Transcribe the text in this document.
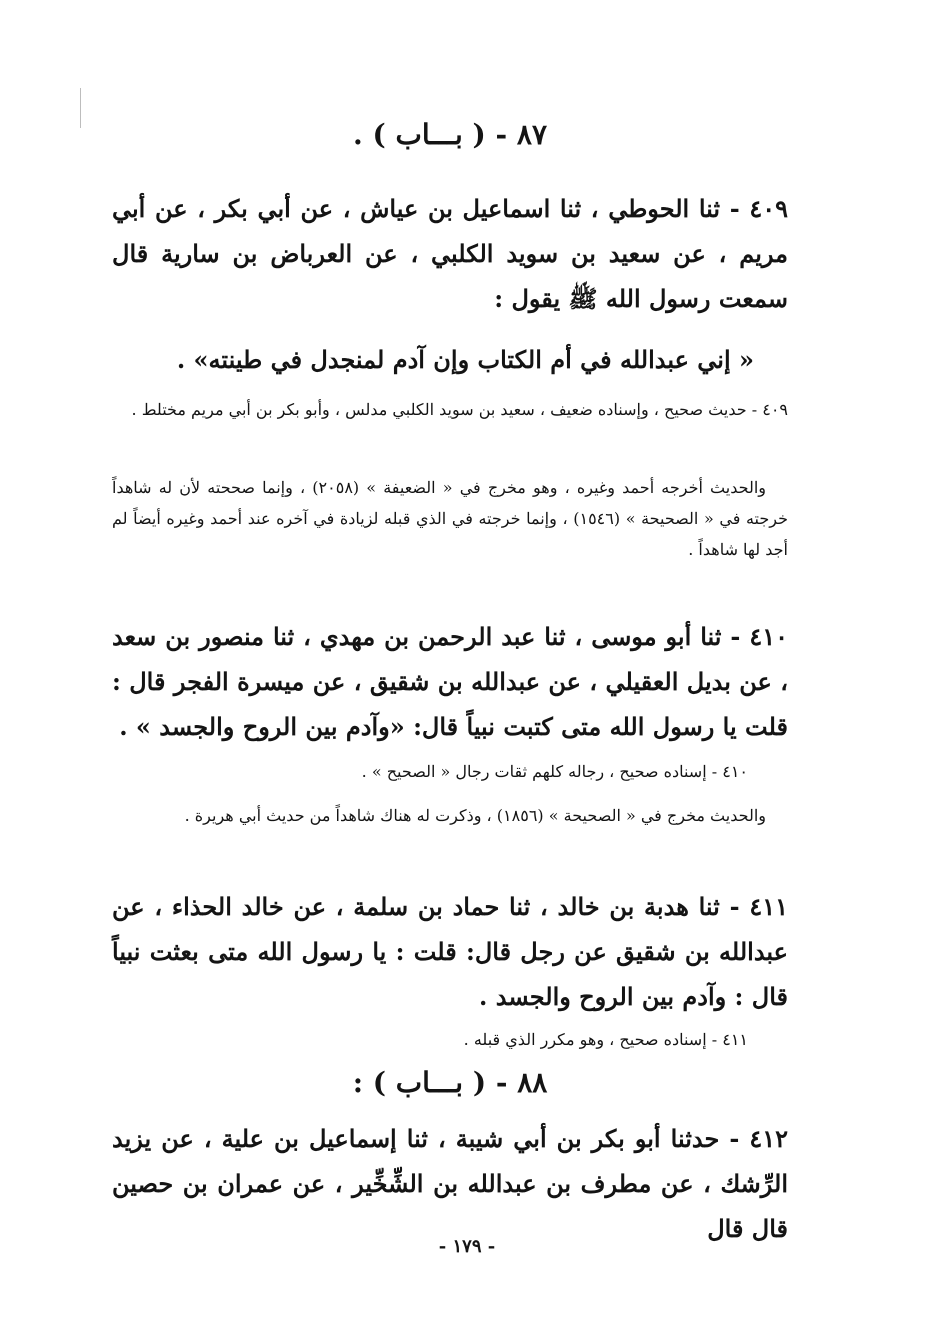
٨٧ - ( بـــاب ) .
٤٠٩ - ثنا الحوطي ، ثنا اسماعيل بن عياش ، عن أبي بكر ، عن أبي مريم ، عن سعيد بن سويد الكلبي ، عن العرباض بن سارية قال سمعت رسول الله ﷺ يقول :
« إني عبدالله في أم الكتاب وإن آدم لمنجدل في طينته» .
٤٠٩ - حديث صحيح ، وإسناده ضعيف ، سعيد بن سويد الكلبي مدلس ، وأبو بكر بن أبي مريم مختلط .
والحديث أخرجه أحمد وغيره ، وهو مخرج في « الضعيفة » (٢٠٥٨) ، وإنما صححته لأن له شاهداً خرجته في « الصحيحة » (١٥٤٦) ، وإنما خرجته في الذي قبله لزيادة في آخره عند أحمد وغيره أيضاً لم أجد لها شاهداً .
٤١٠ - ثنا أبو موسى ، ثنا عبد الرحمن بن مهدي ، ثنا منصور بن سعد ، عن بديل العقيلي ، عن عبدالله بن شقيق ، عن ميسرة الفجر قال : قلت يا رسول الله متى كتبت نبياً قال: «وآدم بين الروح والجسد » .
٤١٠ - إسناده صحيح ، رجاله كلهم ثقات رجال « الصحيح » .
والحديث مخرج في « الصحيحة » (١٨٥٦) ، وذكرت له هناك شاهداً من حديث أبي هريرة .
٤١١ - ثنا هدبة بن خالد ، ثنا حماد بن سلمة ، عن خالد الحذاء ، عن عبدالله بن شقيق عن رجل قال: قلت : يا رسول الله متى بعثت نبياً قال : وآدم بين الروح والجسد .
٤١١ - إسناده صحيح ، وهو مكرر الذي قبله .
٨٨ - ( بـــاب ) :
٤١٢ - حدثنا أبو بكر بن أبي شيبة ، ثنا إسماعيل بن علية ، عن يزيد الرِّشك ، عن مطرف بن عبدالله بن الشِّخِّير ، عن عمران بن حصين قال قال
- ١٧٩ -
